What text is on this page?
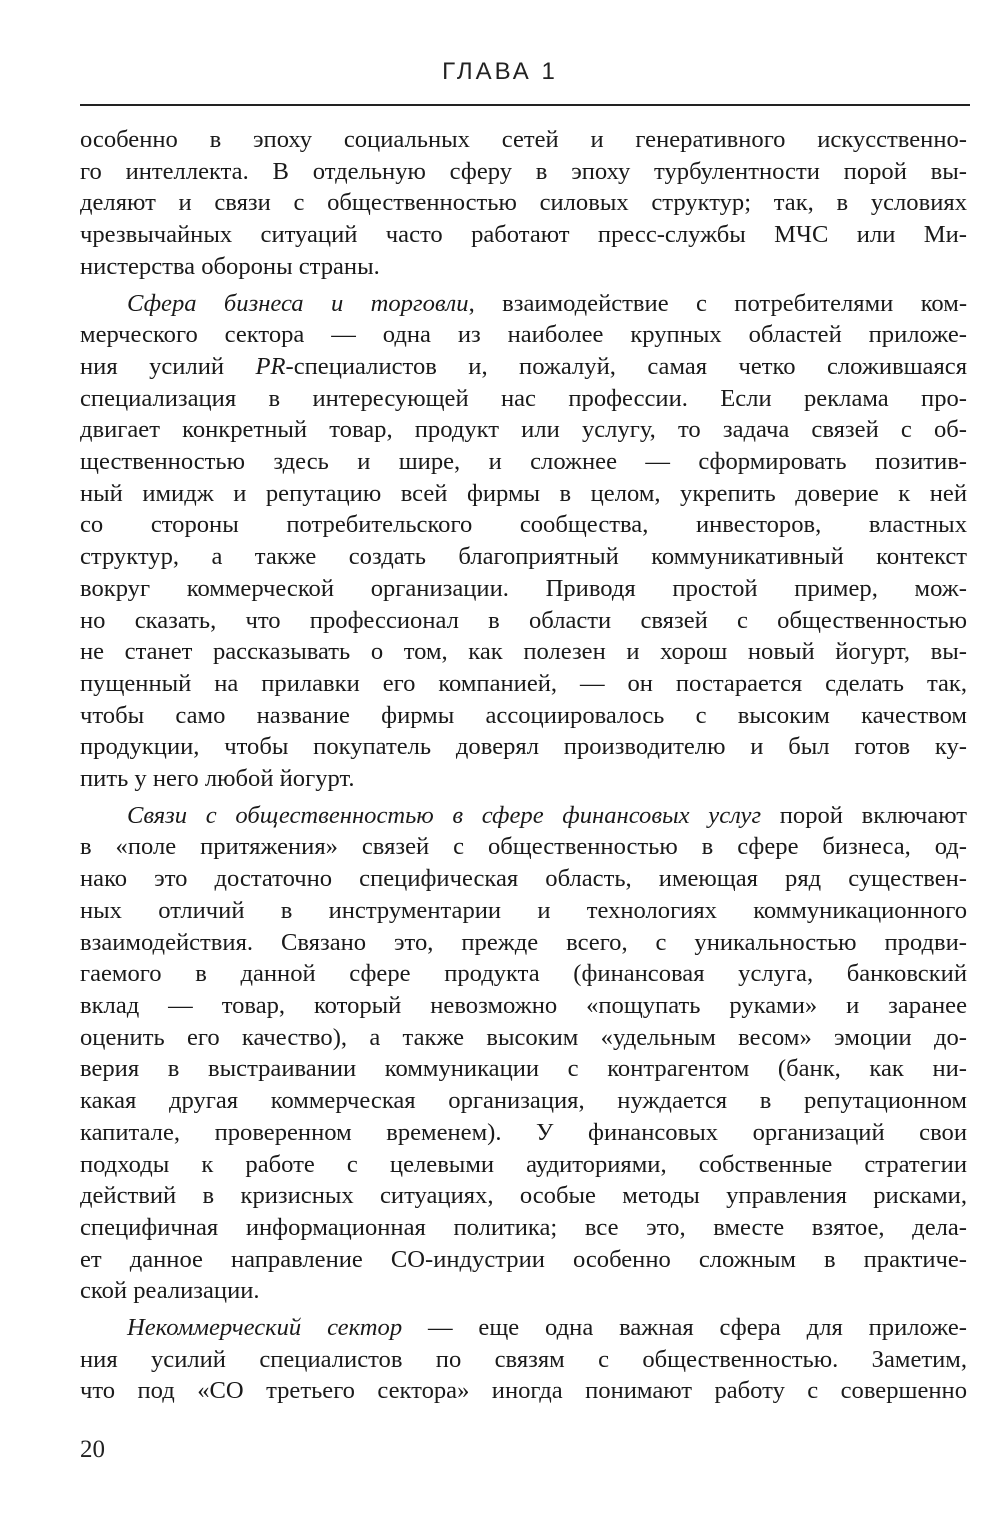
ГЛАВА 1
особенно в эпоху социальных сетей и генеративного искусственно-
го интеллекта. В отдельную сферу в эпоху турбулентности порой вы-
деляют и связи с общественностью силовых структур; так, в условиях
чрезвычайных ситуаций часто работают пресс-службы МЧС или Ми-
нистерства обороны страны.
Сфера бизнеса и торговли, взаимодействие с потребителями ком-
мерческого сектора — одна из наиболее крупных областей приложе-
ния усилий PR-специалистов и, пожалуй, самая четко сложившаяся
специализация в интересующей нас профессии. Если реклама про-
двигает конкретный товар, продукт или услугу, то задача связей с об-
щественностью здесь и шире, и сложнее — сформировать позитив-
ный имидж и репутацию всей фирмы в целом, укрепить доверие к ней
со стороны потребительского сообщества, инвесторов, властных
структур, а также создать благоприятный коммуникативный контекст
вокруг коммерческой организации. Приводя простой пример, мож-
но сказать, что профессионал в области связей с общественностью
не станет рассказывать о том, как полезен и хорош новый йогурт, вы-
пущенный на прилавки его компанией, — он постарается сделать так,
чтобы само название фирмы ассоциировалось с высоким качеством
продукции, чтобы покупатель доверял производителю и был готов ку-
пить у него любой йогурт.
Связи с общественностью в сфере финансовых услуг порой включают
в «поле притяжения» связей с общественностью в сфере бизнеса, од-
нако это достаточно специфическая область, имеющая ряд существен-
ных отличий в инструментарии и технологиях коммуникационного
взаимодействия. Связано это, прежде всего, с уникальностью продви-
гаемого в данной сфере продукта (финансовая услуга, банковский
вклад — товар, который невозможно «пощупать руками» и заранее
оценить его качество), а также высоким «удельным весом» эмоции до-
верия в выстраивании коммуникации с контрагентом (банк, как ни-
какая другая коммерческая организация, нуждается в репутационном
капитале, проверенном временем). У финансовых организаций свои
подходы к работе с целевыми аудиториями, собственные стратегии
действий в кризисных ситуациях, особые методы управления рисками,
специфичная информационная политика; все это, вместе взятое, дела-
ет данное направление СО-индустрии особенно сложным в практиче-
ской реализации.
Некоммерческий сектор — еще одна важная сфера для приложе-
ния усилий специалистов по связям с общественностью. Заметим,
что под «СО третьего сектора» иногда понимают работу с совершенно
20
